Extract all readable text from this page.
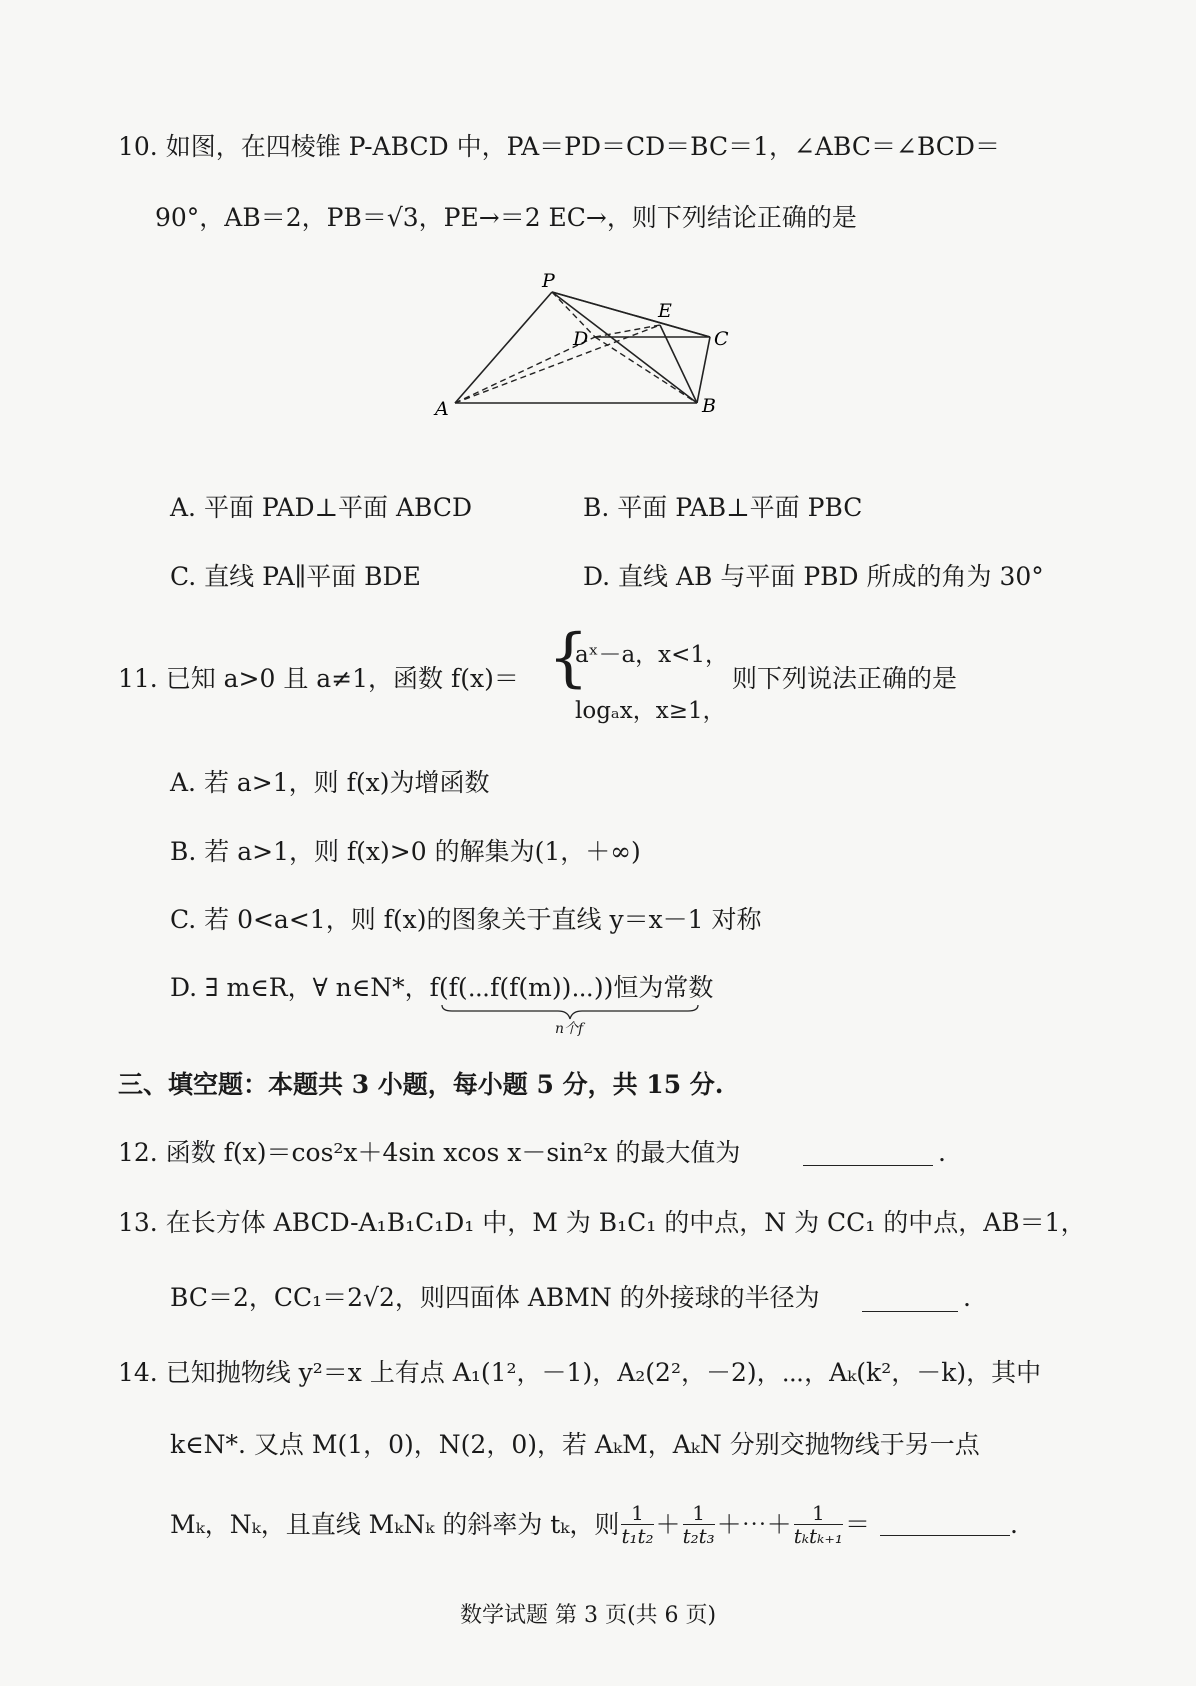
10. 如图，在四棱锥 P-ABCD 中，PA＝PD＝CD＝BC＝1，∠ABC＝∠BCD＝
90°，AB＝2，PB＝√3，PE→＝2 EC→，则下列结论正确的是
P
E
D	C
A	B
A. 平面 PAD⊥平面 ABCD	B. 平面 PAB⊥平面 PBC
C. 直线 PA∥平面 BDE	D. 直线 AB 与平面 PBD 所成的角为 30°
11. 已知 a>0 且 a≠1，函数 f(x)＝ {
aˣ－a，x<1，
logₐx，x≥1，
则下列说法正确的是
A. 若 a>1，则 f(x)为增函数
B. 若 a>1，则 f(x)>0 的解集为(1，＋∞)
C. 若 0<a<1，则 f(x)的图象关于直线 y＝x－1 对称
D. ∃ m∈R，∀ n∈N*，f(f(⋯f(f(m))⋯))恒为常数
n个f
三、填空题：本题共 3 小题，每小题 5 分，共 15 分.
12. 函数 f(x)＝cos²x＋4sin xcos x－sin²x 的最大值为	.
13. 在长方体 ABCD-A₁B₁C₁D₁ 中，M 为 B₁C₁ 的中点，N 为 CC₁ 的中点，AB＝1，
BC＝2，CC₁＝2√2，则四面体 ABMN 的外接球的半径为	.
14. 已知抛物线 y²＝x 上有点 A₁(1²，－1)，A₂(2²，－2)，⋯，Aₖ(k²，－k)，其中
k∈N*. 又点 M(1，0)，N(2，0)，若 AₖM，AₖN 分别交抛物线于另一点
Mₖ，Nₖ，且直线 MₖNₖ 的斜率为 tₖ，则 $\frac{1}{\text{t₁t₂}} + \frac{1}{\text{t₂t₃}}$ ＋⋯＋ $\frac{1}{\text{tₖtₖ₊₁}}$ ＝	.
数学试题 第 3 页(共 6 页)
